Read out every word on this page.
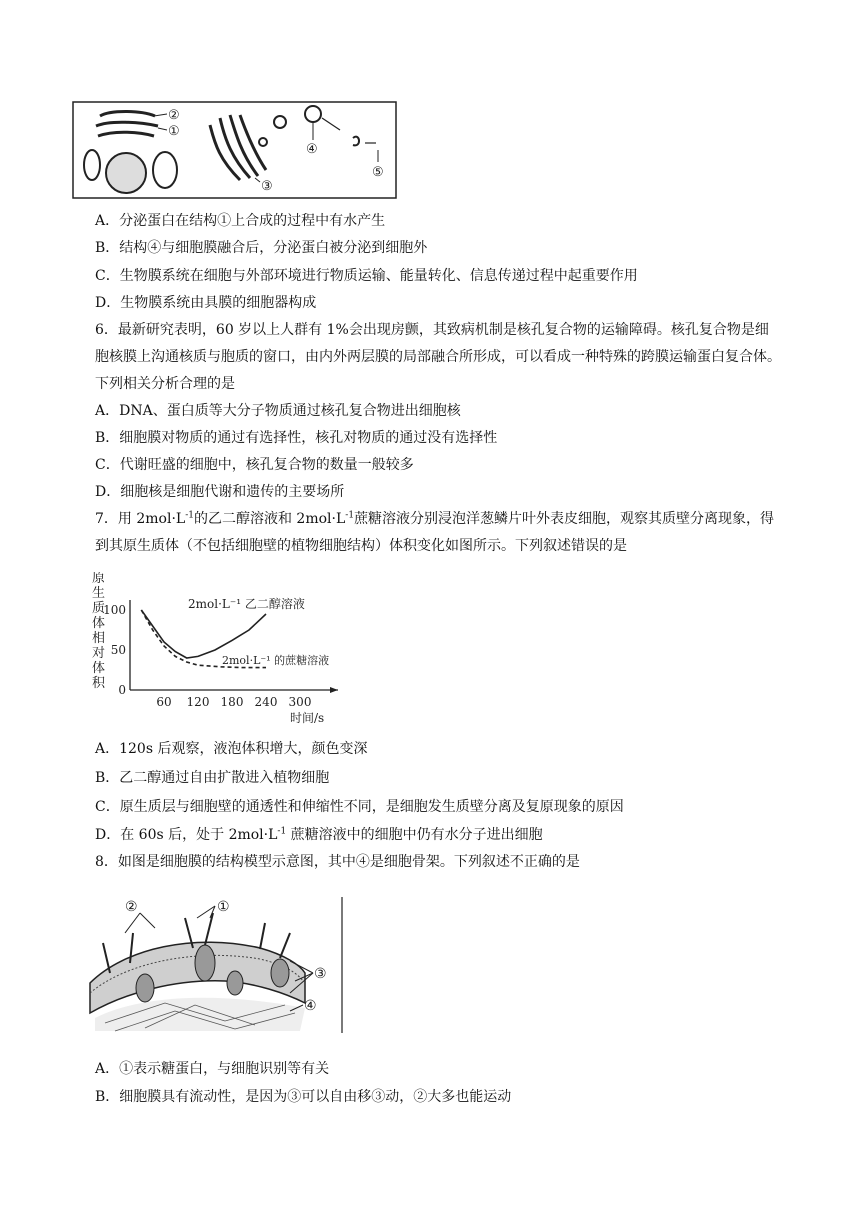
②
①
③
④
⑤
A．分泌蛋白在结构①上合成的过程中有水产生
B．结构④与细胞膜融合后，分泌蛋白被分泌到细胞外
C．生物膜系统在细胞与外部环境进行物质运输、能量转化、信息传递过程中起重要作用
D．生物膜系统由具膜的细胞器构成
6．最新研究表明，60 岁以上人群有 1%会出现房颤，其致病机制是核孔复合物的运输障碍。核孔复合物是细
胞核膜上沟通核质与胞质的窗口，由内外两层膜的局部融合所形成，可以看成一种特殊的跨膜运输蛋白复合体。
下列相关分析合理的是
A．DNA、蛋白质等大分子物质通过核孔复合物进出细胞核
B．细胞膜对物质的通过有选择性，核孔对物质的通过没有选择性
C．代谢旺盛的细胞中，核孔复合物的数量一般较多
D．细胞核是细胞代谢和遗传的主要场所
7．用 $2mol\cdot L^{-1}$的乙二醇溶液和 $2mol\cdot L^{-1}$蔗糖溶液分别浸泡洋葱鳞片叶外表皮细胞，观察其质壁分离现象，得
到其原生质体（不包括细胞壁的植物细胞结构）体积变化如图所示。下列叙述错误的是
原生质体相对体积 0
50
100
60 120 180 240 300
时间/s
2mol·L⁻¹ 乙二醇溶液
2mol·L⁻¹ 的蔗糖溶液
A．120s 后观察，液泡体积增大，颜色变深
B．乙二醇通过自由扩散进入植物细胞
C．原生质层与细胞壁的通透性和伸缩性不同，是细胞发生质壁分离及复原现象的原因
D．在 60s 后，处于 $2mol\cdot L^{-1}$ 蔗糖溶液中的细胞中仍有水分子进出细胞
8．如图是细胞膜的结构模型示意图，其中④是细胞骨架。下列叙述不正确的是
②	①
③
④
A．①表示糖蛋白，与细胞识别等有关
B．细胞膜具有流动性，是因为③可以自由移③动，②大多也能运动
